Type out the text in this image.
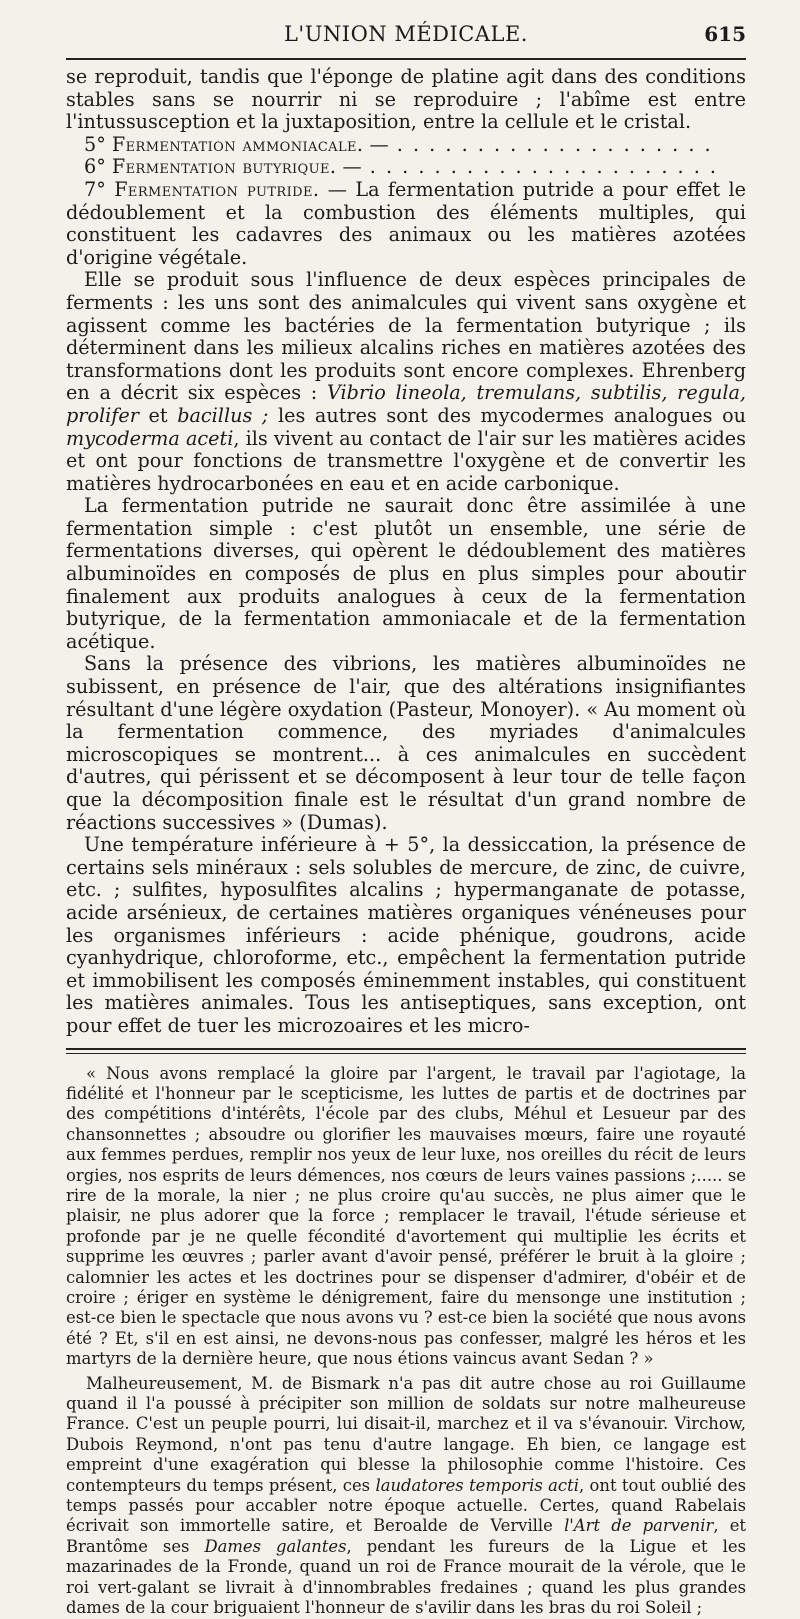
L'UNION MÉDICALE.	615

se reproduit, tandis que l'éponge de platine agit dans des conditions stables sans se nourrir ni se reproduire ; l'abîme est entre l'intussusception et la juxtaposition, entre la cellule et le cristal.

5° Fermentation ammoniacale. — . . . . . . . . . . . . . . . . . . . .

6° Fermentation butyrique. — . . . . . . . . . . . . . . . . . . . . . .

7° Fermentation putride. — La fermentation putride a pour effet le dédoublement et la combustion des éléments multiples, qui constituent les cadavres des animaux ou les matières azotées d'origine végétale.

Elle se produit sous l'influence de deux espèces principales de ferments : les uns sont des animalcules qui vivent sans oxygène et agissent comme les bactéries de la fermentation butyrique ; ils déterminent dans les milieux alcalins riches en matières azotées des transformations dont les produits sont encore complexes. Ehrenberg en a décrit six espèces : Vibrio lineola, tremulans, subtilis, regula, prolifer et bacillus ; les autres sont des mycodermes analogues ou mycoderma aceti, ils vivent au contact de l'air sur les matières acides et ont pour fonctions de transmettre l'oxygène et de convertir les matières hydrocarbonées en eau et en acide carbonique.

La fermentation putride ne saurait donc être assimilée à une fermentation simple : c'est plutôt un ensemble, une série de fermentations diverses, qui opèrent le dédoublement des matières albuminoïdes en composés de plus en plus simples pour aboutir finalement aux produits analogues à ceux de la fermentation butyrique, de la fermentation ammoniacale et de la fermentation acétique.

Sans la présence des vibrions, les matières albuminoïdes ne subissent, en présence de l'air, que des altérations insignifiantes résultant d'une légère oxydation (Pasteur, Monoyer). « Au moment où la fermentation commence, des myriades d'animalcules microscopiques se montrent... à ces animalcules en succèdent d'autres, qui périssent et se décomposent à leur tour de telle façon que la décomposition finale est le résultat d'un grand nombre de réactions successives » (Dumas).

Une température inférieure à + 5°, la dessiccation, la présence de certains sels minéraux : sels solubles de mercure, de zinc, de cuivre, etc. ; sulfites, hyposulfites alcalins ; hypermanganate de potasse, acide arsénieux, de certaines matières organiques vénéneuses pour les organismes inférieurs : acide phénique, goudrons, acide cyanhydrique, chloroforme, etc., empêchent la fermentation putride et immobilisent les composés éminemment instables, qui constituent les matières animales. Tous les antiseptiques, sans exception, ont pour effet de tuer les microzoaires et les micro-

« Nous avons remplacé la gloire par l'argent, le travail par l'agiotage, la fidélité et l'honneur par le scepticisme, les luttes de partis et de doctrines par des compétitions d'intérêts, l'école par des clubs, Méhul et Lesueur par des chansonnettes ; absoudre ou glorifier les mauvaises mœurs, faire une royauté aux femmes perdues, remplir nos yeux de leur luxe, nos oreilles du récit de leurs orgies, nos esprits de leurs démences, nos cœurs de leurs vaines passions ;..... se rire de la morale, la nier ; ne plus croire qu'au succès, ne plus aimer que le plaisir, ne plus adorer que la force ; remplacer le travail, l'étude sérieuse et profonde par je ne quelle fécondité d'avortement qui multiplie les écrits et supprime les œuvres ; parler avant d'avoir pensé, préférer le bruit à la gloire ; calomnier les actes et les doctrines pour se dispenser d'admirer, d'obéir et de croire ; ériger en système le dénigrement, faire du mensonge une institution ; est-ce bien le spectacle que nous avons vu ? est-ce bien la société que nous avons été ? Et, s'il en est ainsi, ne devons-nous pas confesser, malgré les héros et les martyrs de la dernière heure, que nous étions vaincus avant Sedan ? »

Malheureusement, M. de Bismark n'a pas dit autre chose au roi Guillaume quand il l'a poussé à précipiter son million de soldats sur notre malheureuse France. C'est un peuple pourri, lui disait-il, marchez et il va s'évanouir. Virchow, Dubois Reymond, n'ont pas tenu d'autre langage. Eh bien, ce langage est empreint d'une exagération qui blesse la philosophie comme l'histoire. Ces contempteurs du temps présent, ces laudatores temporis acti, ont tout oublié des temps passés pour accabler notre époque actuelle. Certes, quand Rabelais écrivait son immortelle satire, et Beroalde de Verville l'Art de parvenir, et Brantôme ses Dames galantes, pendant les fureurs de la Ligue et les mazarinades de la Fronde, quand un roi de France mourait de la vérole, que le roi vert-galant se livrait à d'innombrables fredaines ; quand les plus grandes dames de la cour briguaient l'honneur de s'avilir dans les bras du roi Soleil ;
